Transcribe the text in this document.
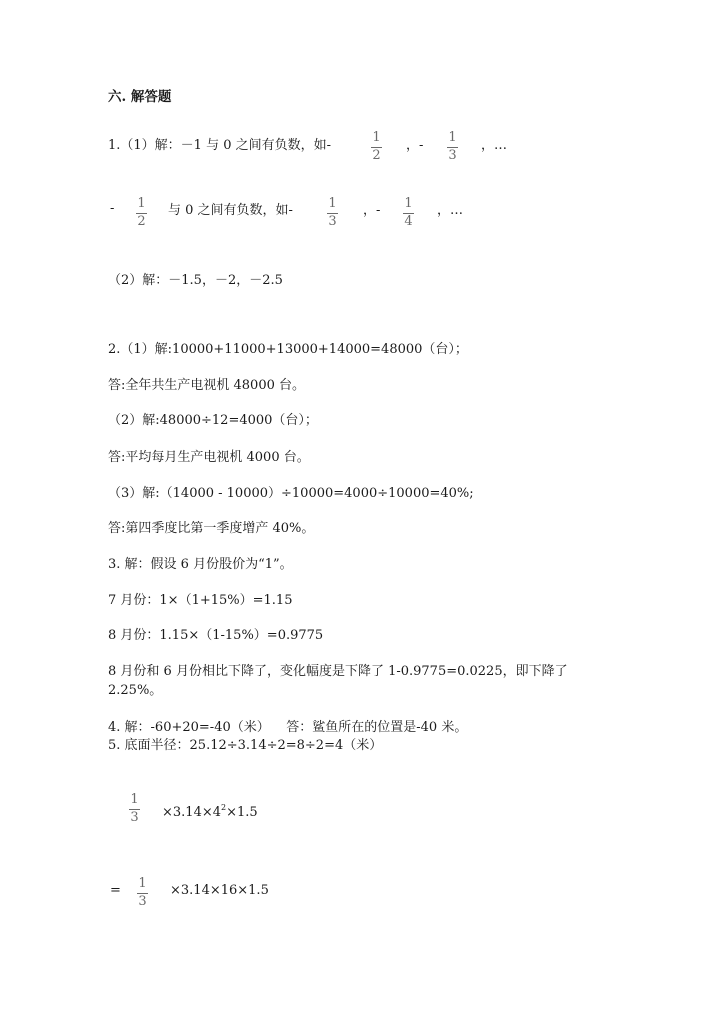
六. 解答题
1.（1）解：－1 与 0 之间有负数，如-
1
2
，-
1
3
，…
- 1
2
与 0 之间有负数，如-	1
3
，- 1
4
，…
（2）解：－1.5，－2，－2.5
2.（1）解:10000+11000+13000+14000=48000（台）；
答:全年共生产电视机 48000 台。
（2）解:48000÷12=4000（台）；
答:平均每月生产电视机 4000 台。
（3）解:（14000 - 10000）÷10000=4000÷10000=40%;
答:第四季度比第一季度增产 40%。
3. 解：假设 6 月份股价为“1”。
7 月份：1×（1+15%）=1.15
8 月份：1.15×（1-15%）=0.9775
8 月份和 6 月份相比下降了，变化幅度是下降了 1-0.9775=0.0225，即下降了
2.25%。
4. 解：-60+20=-40（米）    答：鲨鱼所在的位置是-40 米。
5. 底面半径：25.12÷3.14÷2=8÷2=4（米）
1
$3 \times 3.14\times 4^2\times 1.5$
= 1
3
×3.14×16×1.5
